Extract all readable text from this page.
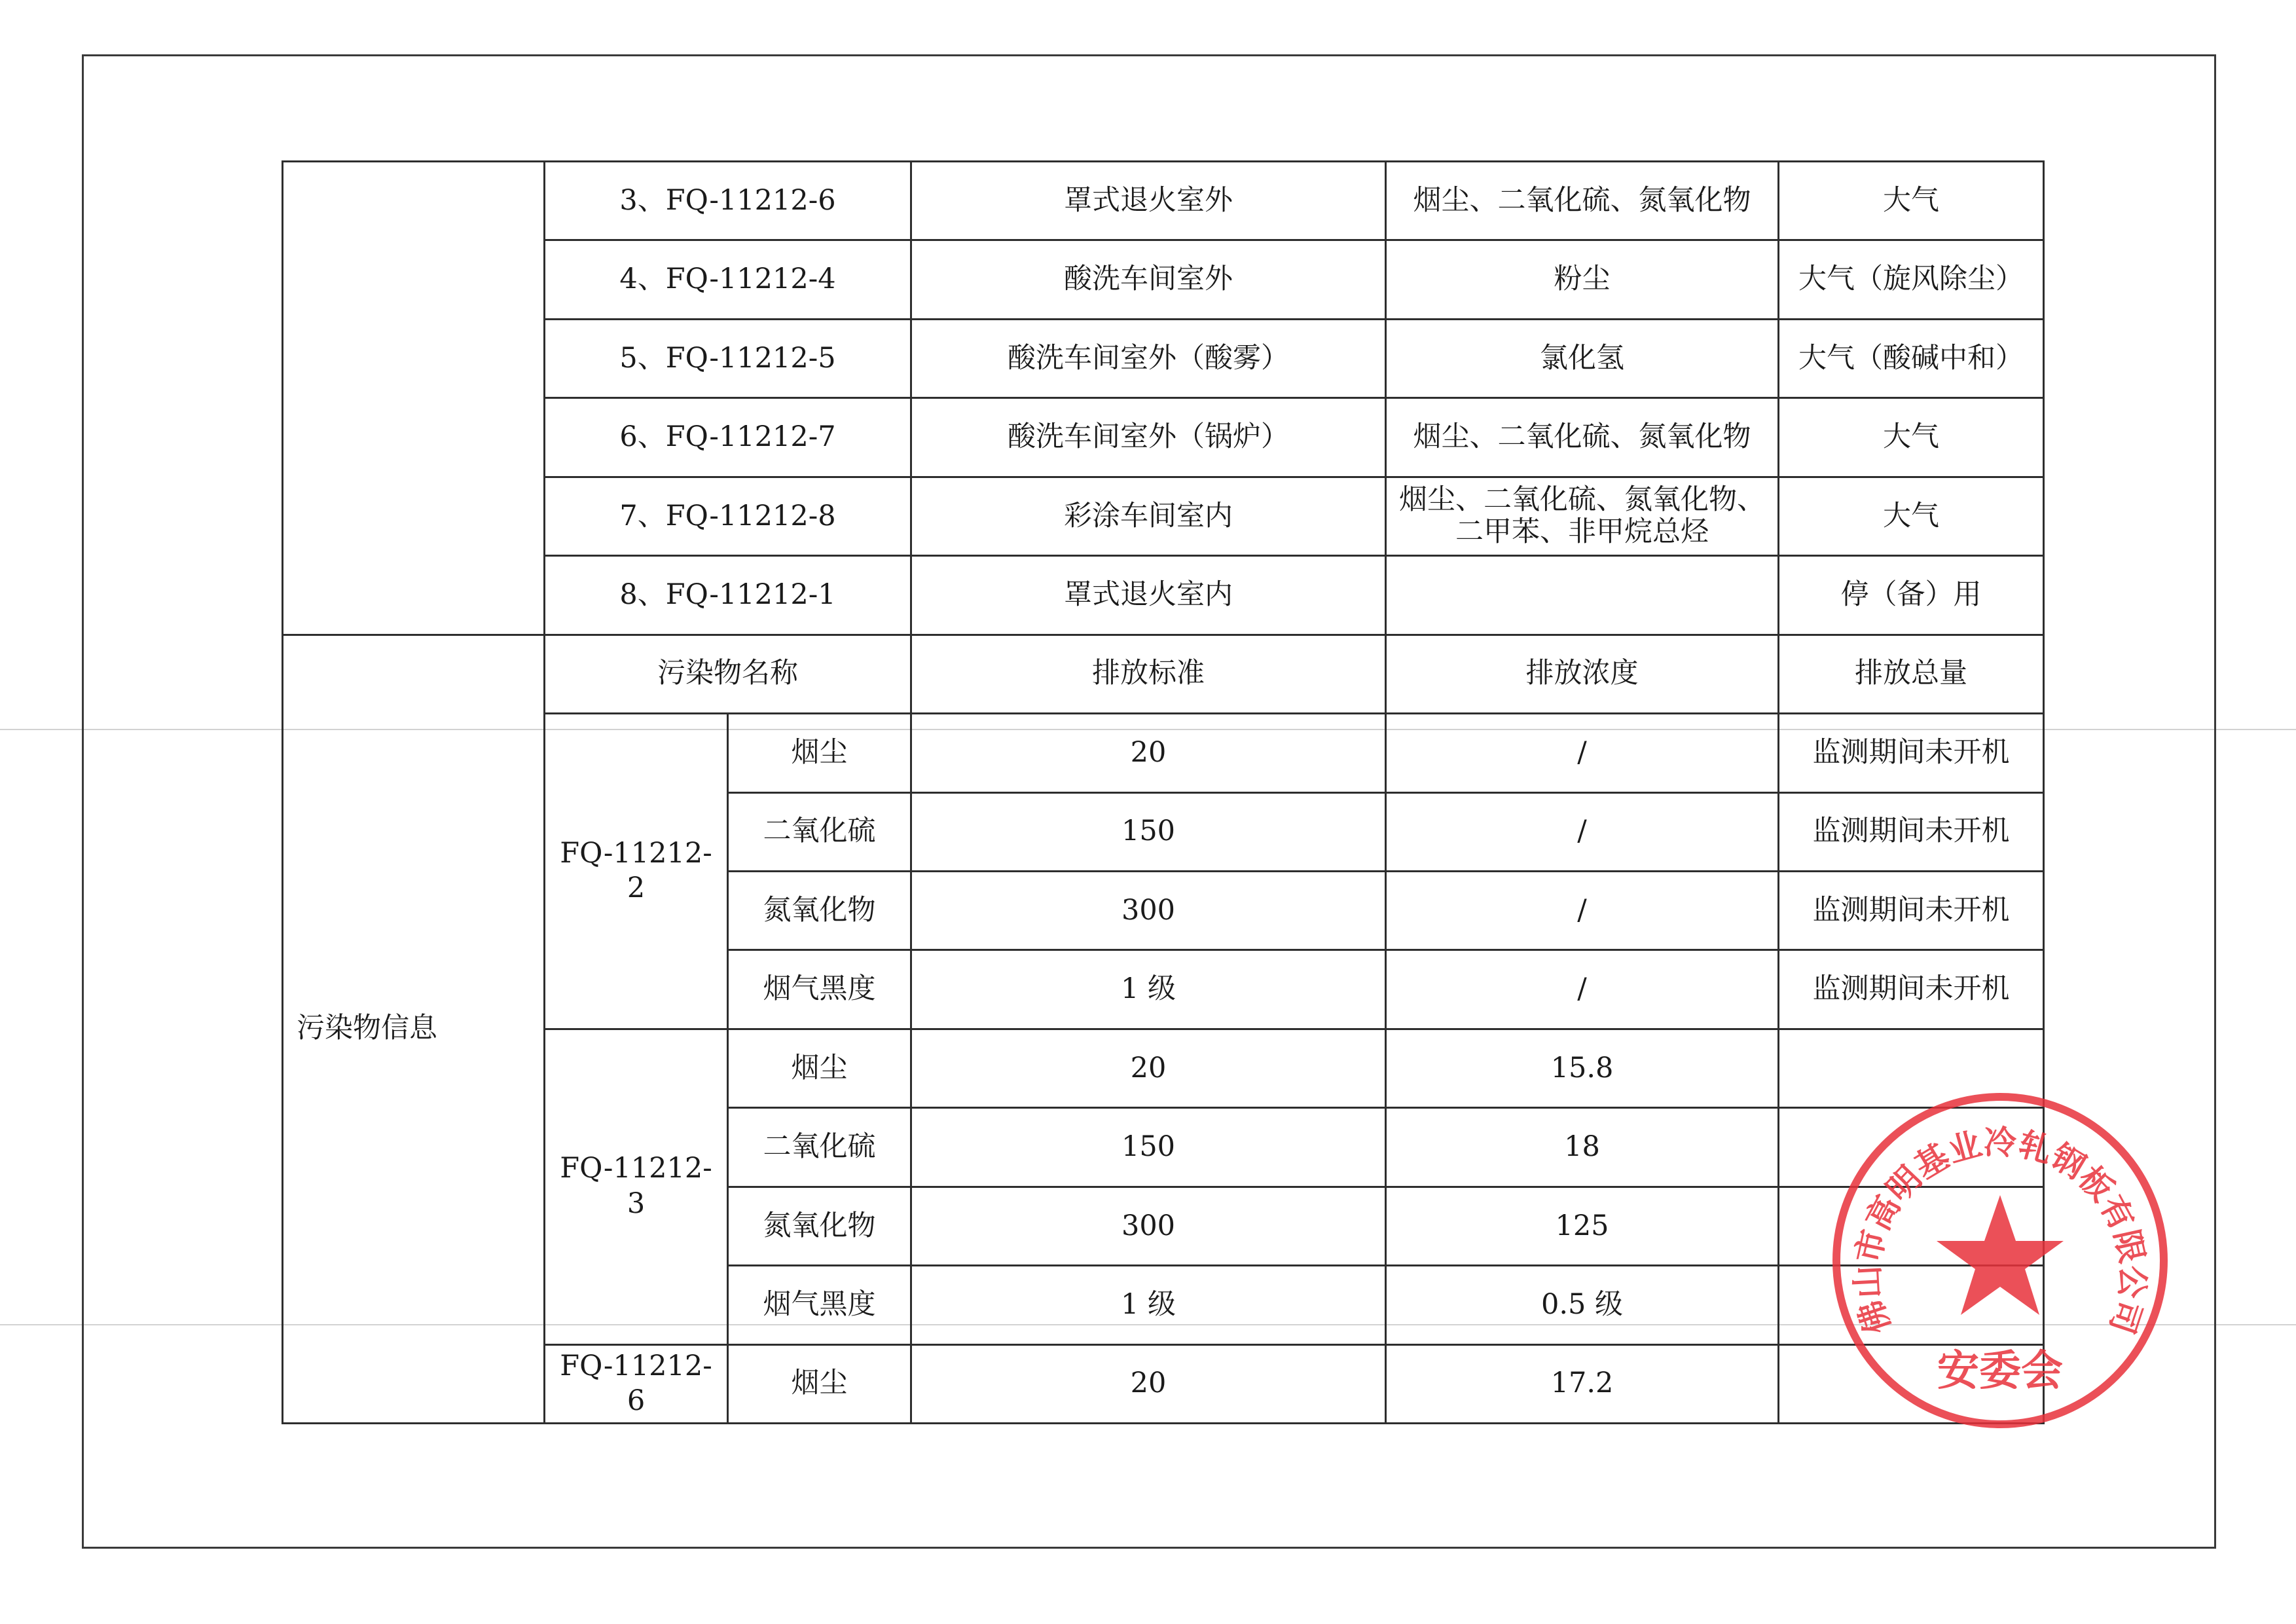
	3、FQ-11212-6		罩式退火室外	烟尘、二氧化硫、氮氧化物	大气
	4、FQ-11212-4		酸洗车间室外	粉尘	大气（旋风除尘）
	5、FQ-11212-5		酸洗车间室外（酸雾）	氯化氢	大气（酸碱中和）
	6、FQ-11212-7		酸洗车间室外（锅炉）	烟尘、二氧化硫、氮氧化物	大气
	7、FQ-11212-8		彩涂车间室内	烟尘、二氧化硫、氮氧化物、
二甲苯、非甲烷总烃	大气
	8、FQ-11212-1		罩式退火室内		停（备）用
污染物信息	污染物名称		排放标准	排放浓度	排放总量
	FQ-11212-2	烟尘	20	/	监测期间未开机
		二氧化硫	150	/	监测期间未开机
		氮氧化物	300	/	监测期间未开机
		烟气黑度	1 级	/	监测期间未开机
	FQ-11212-3	烟尘	20	15.8	
		二氧化硫	150	18	
		氮氧化物	300	125	
		烟气黑度	1 级	0.5 级	
	FQ-11212-6	烟尘	20	17.2	
佛山市高明基业冷轧钢板有限公司
安委会
